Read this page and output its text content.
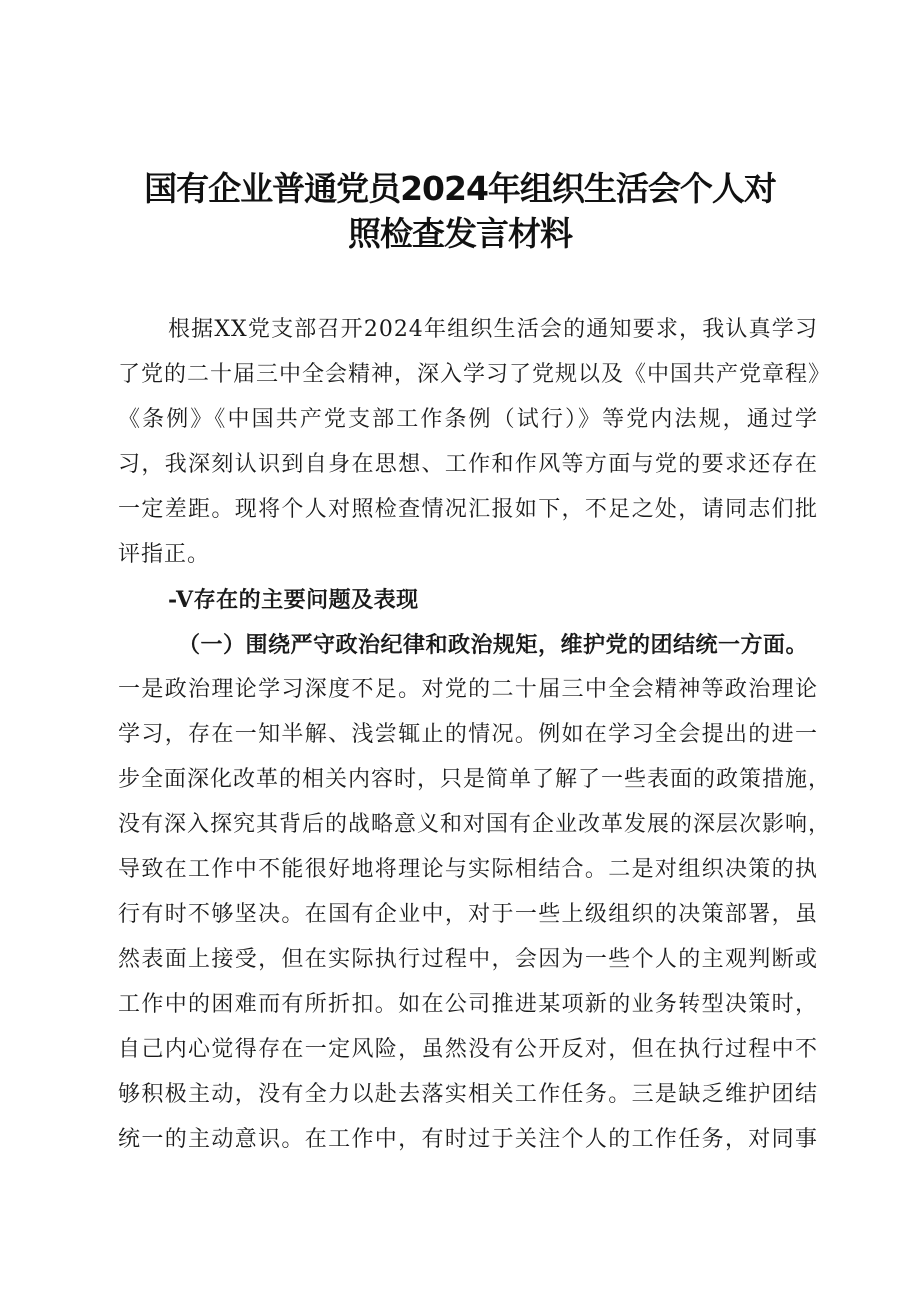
国有企业普通党员2024年组织生活会个人对
照检查发言材料

根据XX党支部召开2024年组织生活会的通知要求，我认真学习

了党的二十届三中全会精神，深入学习了党规以及《中国共产党章程》

《条例》《中国共产党支部工作条例（试行）》等党内法规，通过学

习，我深刻认识到自身在思想、工作和作风等方面与党的要求还存在

一定差距。现将个人对照检查情况汇报如下，不足之处，请同志们批

评指正。

-V存在的主要问题及表现

（一）围绕严守政治纪律和政治规矩，维护党的团结统一方面。

一是政治理论学习深度不足。对党的二十届三中全会精神等政治理论

学习，存在一知半解、浅尝辄止的情况。例如在学习全会提出的进一

步全面深化改革的相关内容时，只是简单了解了一些表面的政策措施，

没有深入探究其背后的战略意义和对国有企业改革发展的深层次影响，

导致在工作中不能很好地将理论与实际相结合。二是对组织决策的执

行有时不够坚决。在国有企业中，对于一些上级组织的决策部署，虽

然表面上接受，但在实际执行过程中，会因为一些个人的主观判断或

工作中的困难而有所折扣。如在公司推进某项新的业务转型决策时，

自己内心觉得存在一定风险，虽然没有公开反对，但在执行过程中不

够积极主动，没有全力以赴去落实相关工作任务。三是缺乏维护团结

统一的主动意识。在工作中，有时过于关注个人的工作任务，对同事
